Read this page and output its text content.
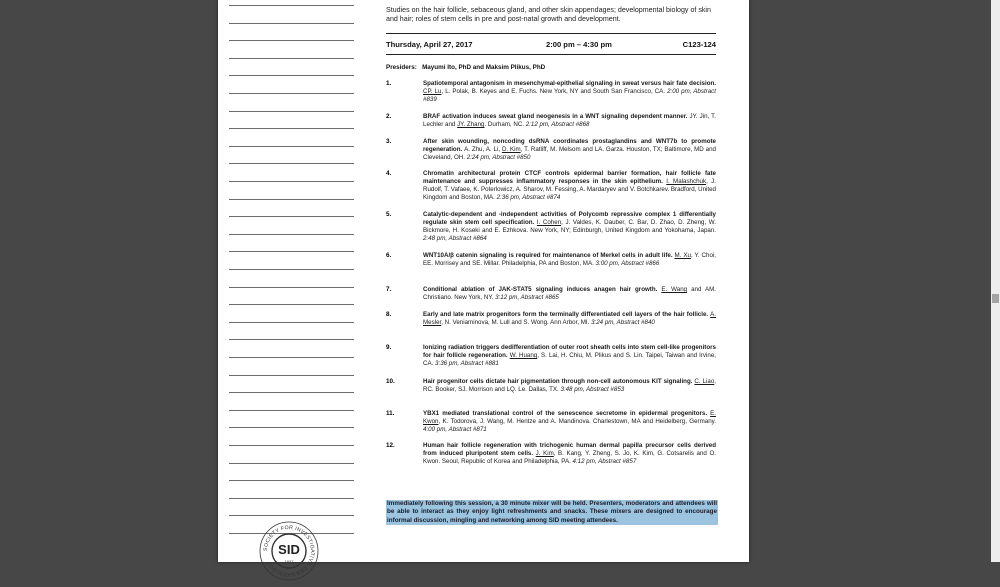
Studies on the hair follicle, sebaceous gland, and other skin appendages; developmental biology of skin and hair; roles of stem cells in pre and post-natal growth and development.
Thursday, April 27, 2017	2:00 pm – 4:30 pm	C123-124
Presiders: Mayumi Ito, PhD and Maksim Plikus, PhD
1.	Spatiotemporal antagonism in mesenchymal-epithelial signaling in sweat versus hair fate decision. CP. Lu, L. Polak, B. Keyes and E. Fuchs. New York, NY and South San Francisco, CA. 2:00 pm, Abstract #839
2.	BRAF activation induces sweat gland neogenesis in a WNT signaling dependent manner. JY. Jin, T. Lechler and JY. Zhang. Durham, NC. 2:12 pm, Abstract #868
3.	After skin wounding, noncoding dsRNA coordinates prostaglandins and WNT7b to promote regeneration. A. Zhu, A. Li, D. Kim, T. Ratliff, M. Melsom and LA. Garza. Houston, TX; Baltimore, MD and Cleveland, OH. 2:24 pm, Abstract #850
4.	Chromatin architectural protein CTCF controls epidermal barrier formation, hair follicle fate maintenance and suppresses inflammatory responses in the skin epithelium. I. Malashchuk, J. Rudolf, T. Vafaee, K. Poterlowicz, A. Sharov, M. Fessing, A. Mardaryev and V. Botchkarev. Bradford, United Kingdom and Boston, MA. 2:36 pm, Abstract #874
5.	Catalytic-dependent and -independent activities of Polycomb repressive complex 1 differentially regulate skin stem cell specification. I. Cohen, J. Valdes, K. Dauber, C. Bar, D. Zhao, D. Zheng, W. Bickmore, H. Koseki and E. Ezhkova. New York, NY; Edinburgh, United Kingdom and Yokohama, Japan. 2:48 pm, Abstract #864
6.	WNT10A/β catenin signaling is required for maintenance of Merkel cells in adult life. M. Xu, Y. Choi, EE. Morrisey and SE. Millar. Philadelphia, PA and Boston, MA. 3:00 pm, Abstract #866
7.	Conditional ablation of JAK-STAT5 signaling induces anagen hair growth. E. Wang and AM. Christiano. New York, NY. 3:12 pm, Abstract #865
8.	Early and late matrix progenitors form the terminally differentiated cell layers of the hair follicle. A. Mesler, N. Veniaminova, M. Lull and S. Wong. Ann Arbor, MI. 3:24 pm, Abstract #840
9.	Ionizing radiation triggers dedifferentiation of outer root sheath cells into stem cell-like progenitors for hair follicle regeneration. W. Huang, S. Lai, H. Chiu, M. Plikus and S. Lin. Taipei, Taiwan and Irvine, CA. 3:36 pm, Abstract #881
10.	Hair progenitor cells dictate hair pigmentation through non-cell autonomous KIT signaling. C. Liao, RC. Booker, SJ. Morrison and LQ. Le. Dallas, TX. 3:48 pm, Abstract #853
11.	YBX1 mediated translational control of the senescence secretome in epidermal progenitors. E. Kwon, K. Todorova, J. Wang, M. Hentze and A. Mandinova. Charlestown, MA and Heidelberg, Germany. 4:00 pm, Abstract #871
12.	Human hair follicle regeneration with trichogenic human dermal papilla precursor cells derived from induced pluripotent stem cells. J. Kim, B. Kang, Y. Zheng, S. Jo, K. Kim, G. Cotsarelis and O. Kwon. Seoul, Republic of Korea and Philadelphia, PA. 4:12 pm, Abstract #857
Immediately following this session, a 30 minute mixer will be held. Presenters, moderators and attendees will be able to interact as they enjoy light refreshments and snacks. These mixers are designed to encourage informal discussion, mingling and networking among SID meeting attendees.
SOCIETY FOR INVESTIGATIVE DERMATOLOGY
SID
1937
